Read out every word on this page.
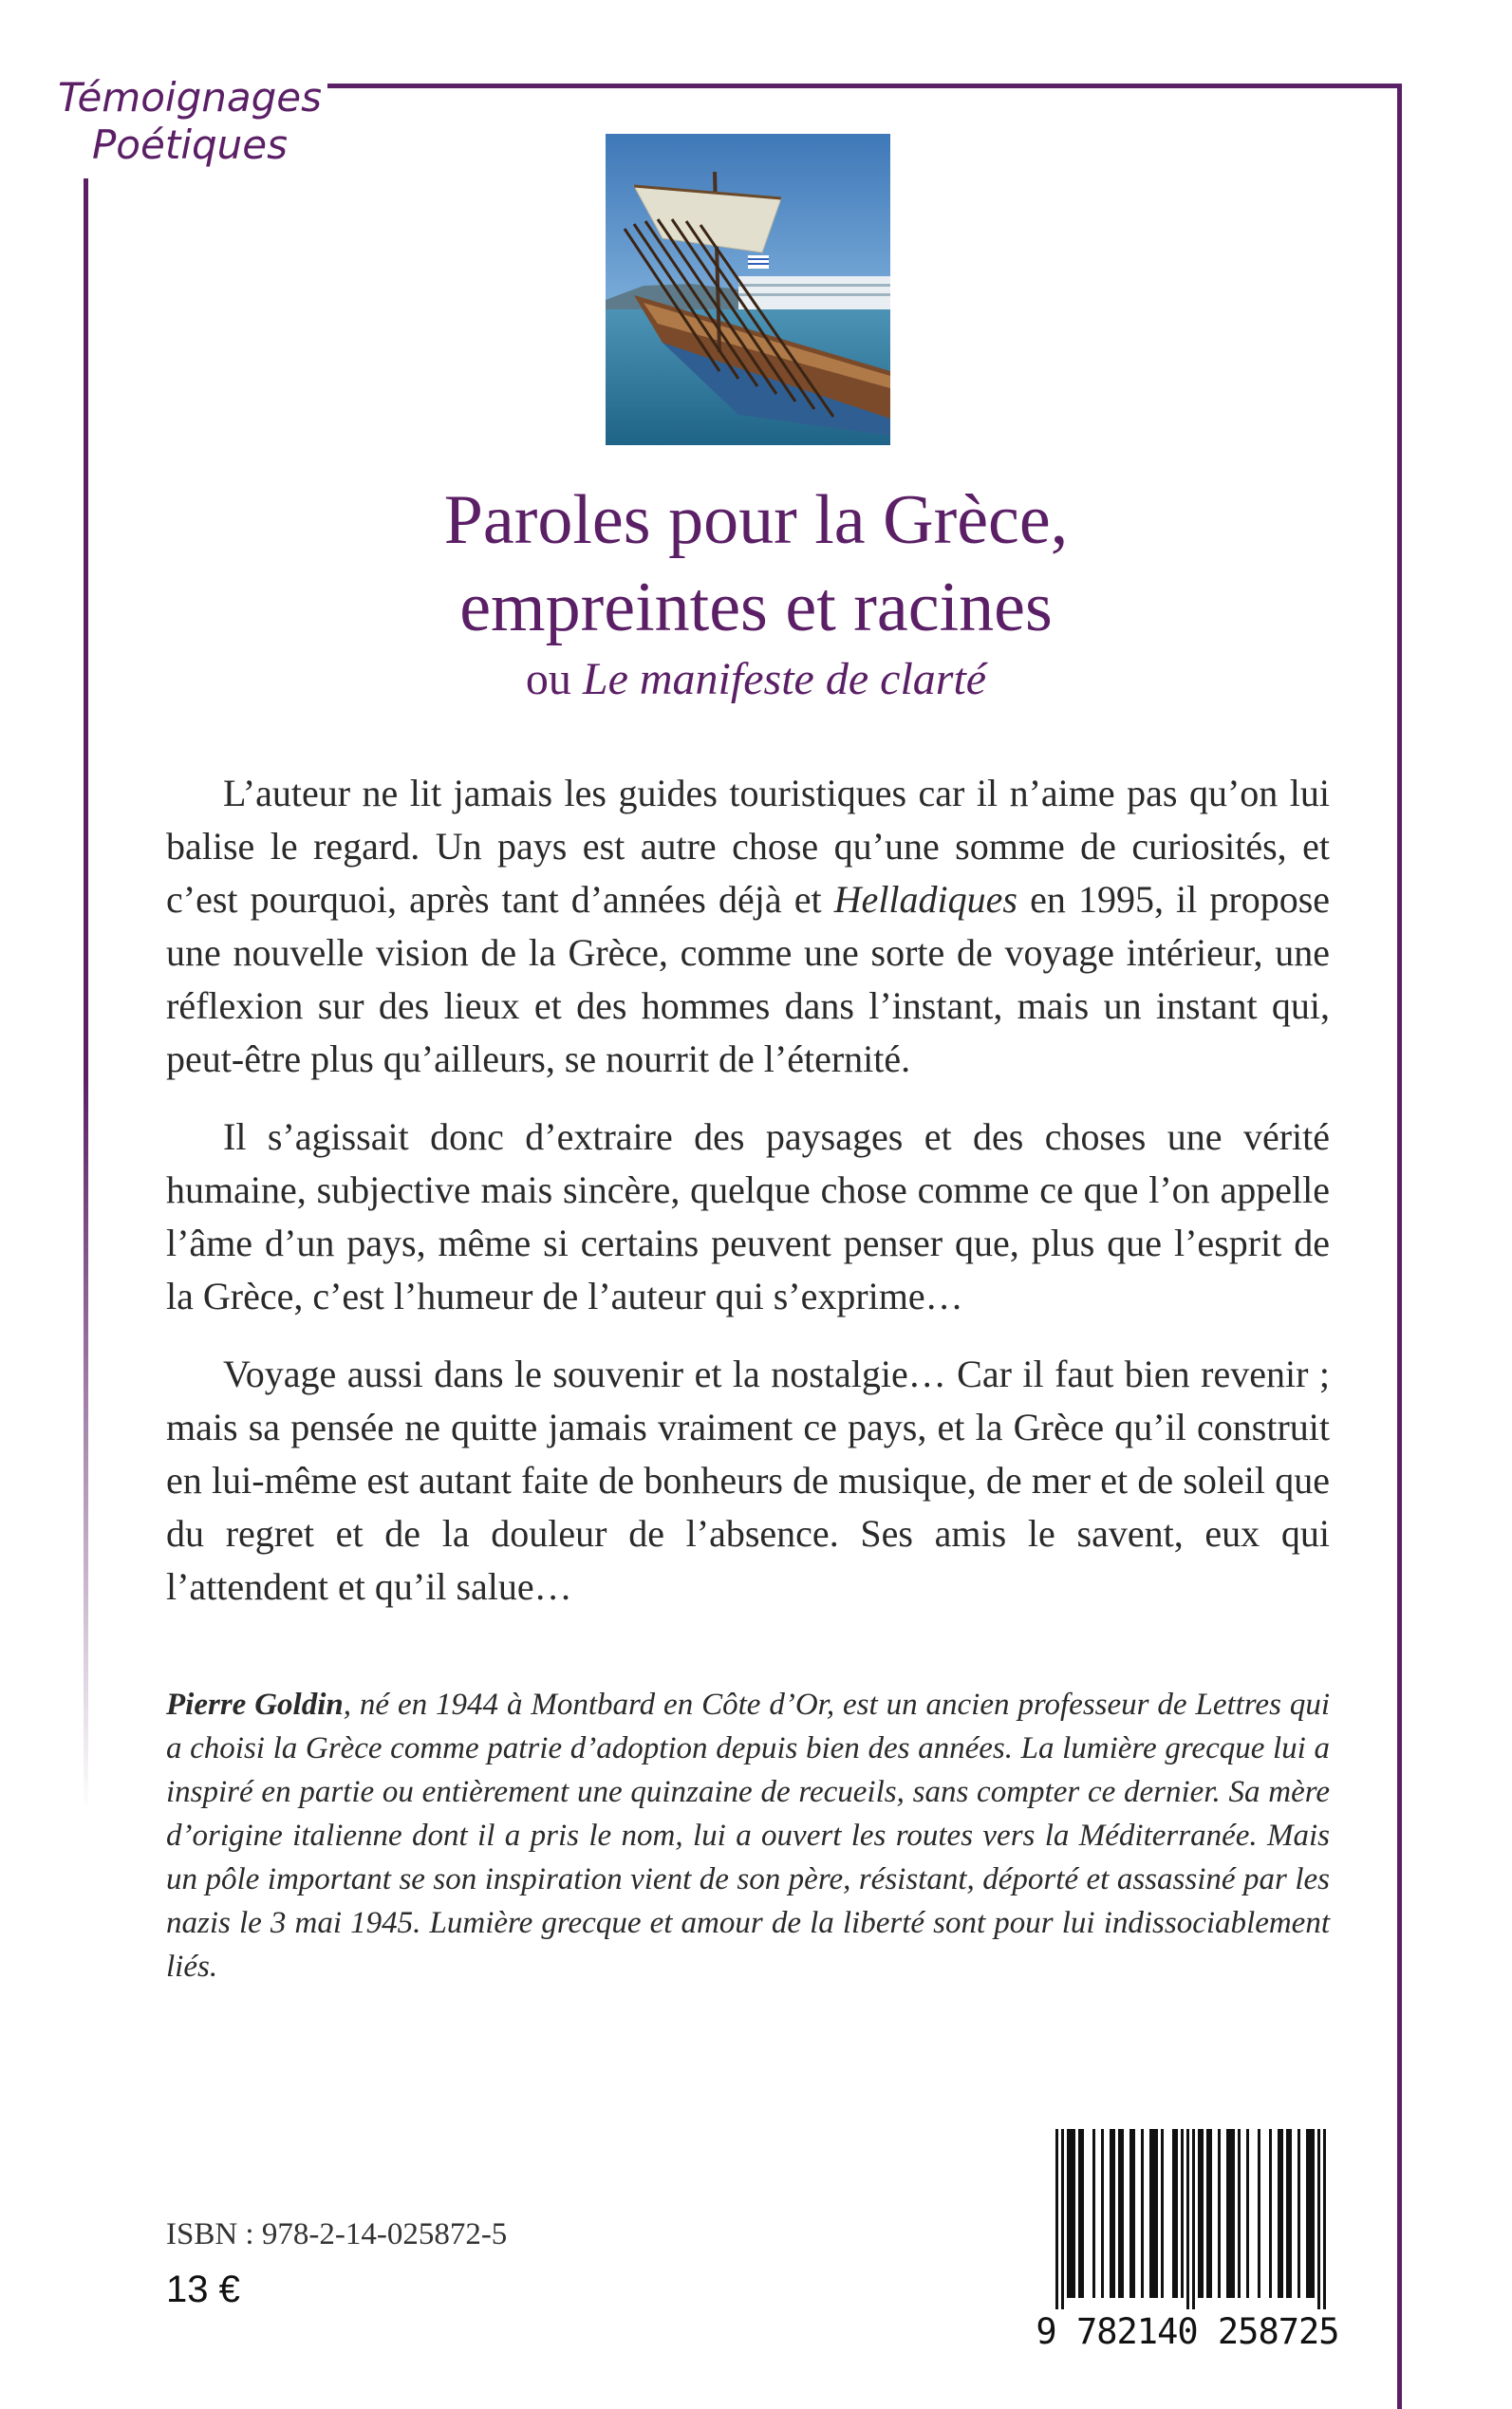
Témoignages
Poétiques
Paroles pour la Grèce,
empreintes et racines
ou Le manifeste de clarté

L’auteur ne lit jamais les guides touristiques car il n’aime pas qu’on lui balise le regard. Un pays est autre chose qu’une somme de curiosités, et c’est pourquoi, après tant d’années déjà et Helladiques en 1995, il propose une nouvelle vision de la Grèce, comme une sorte de voyage intérieur, une réflexion sur des lieux et des hommes dans l’instant, mais un instant qui, peut-être plus qu’ailleurs, se nourrit de l’éternité.

Il s’agissait donc d’extraire des paysages et des choses une vérité humaine, subjective mais sincère, quelque chose comme ce que l’on appelle l’âme d’un pays, même si certains peuvent penser que, plus que l’esprit de la Grèce, c’est l’humeur de l’auteur qui s’exprime…

Voyage aussi dans le souvenir et la nostalgie… Car il faut bien revenir ; mais sa pensée ne quitte jamais vraiment ce pays, et la Grèce qu’il construit en lui-même est autant faite de bonheurs de musique, de mer et de soleil que du regret et de la douleur de l’absence. Ses amis le savent, eux qui l’attendent et qu’il salue…

Pierre Goldin, né en 1944 à Montbard en Côte d’Or, est un ancien professeur de Lettres qui a choisi la Grèce comme patrie d’adoption depuis bien des années. La lumière grecque lui a inspiré en partie ou entièrement une quinzaine de recueils, sans compter ce dernier. Sa mère d’origine italienne dont il a pris le nom, lui a ouvert les routes vers la Méditerranée. Mais un pôle important se son inspiration vient de son père, résistant, déporté et assassiné par les nazis le 3 mai 1945. Lumière grecque et amour de la liberté sont pour lui indissociablement liés.
ISBN : 978-2-14-025872-5
13 €
9 782140 258725
